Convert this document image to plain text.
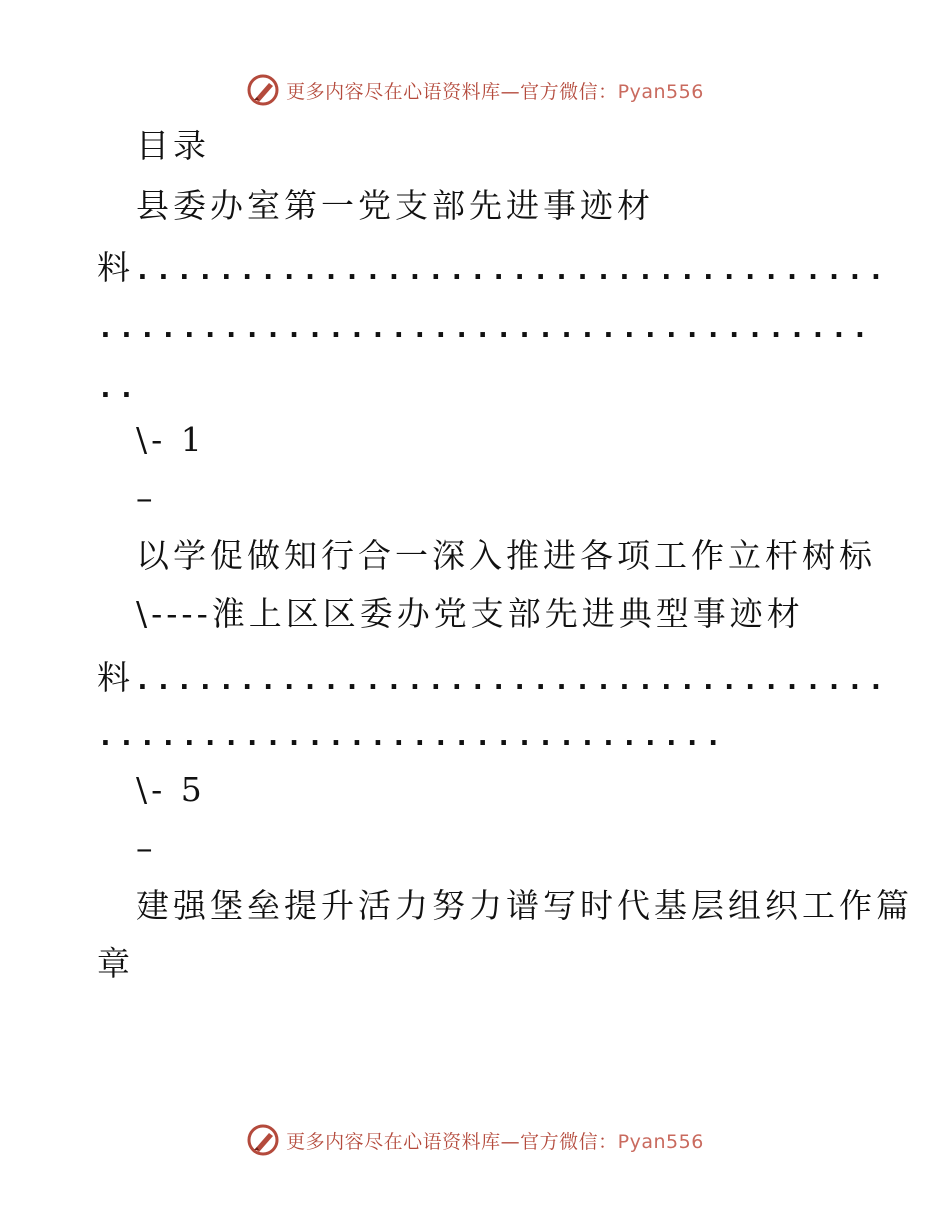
更多内容尽在心语资料库—官方微信：Pyan556
目录
县委办室第一党支部先进事迹材
料....................................
.....................................
..
\- 1
–
以学促做知行合一深入推进各项工作立杆树标
\----淮上区区委办党支部先进典型事迹材
料....................................
..............................
\- 5
–
建强堡垒提升活力努力谱写时代基层组织工作篇
章
更多内容尽在心语资料库—官方微信：Pyan556
